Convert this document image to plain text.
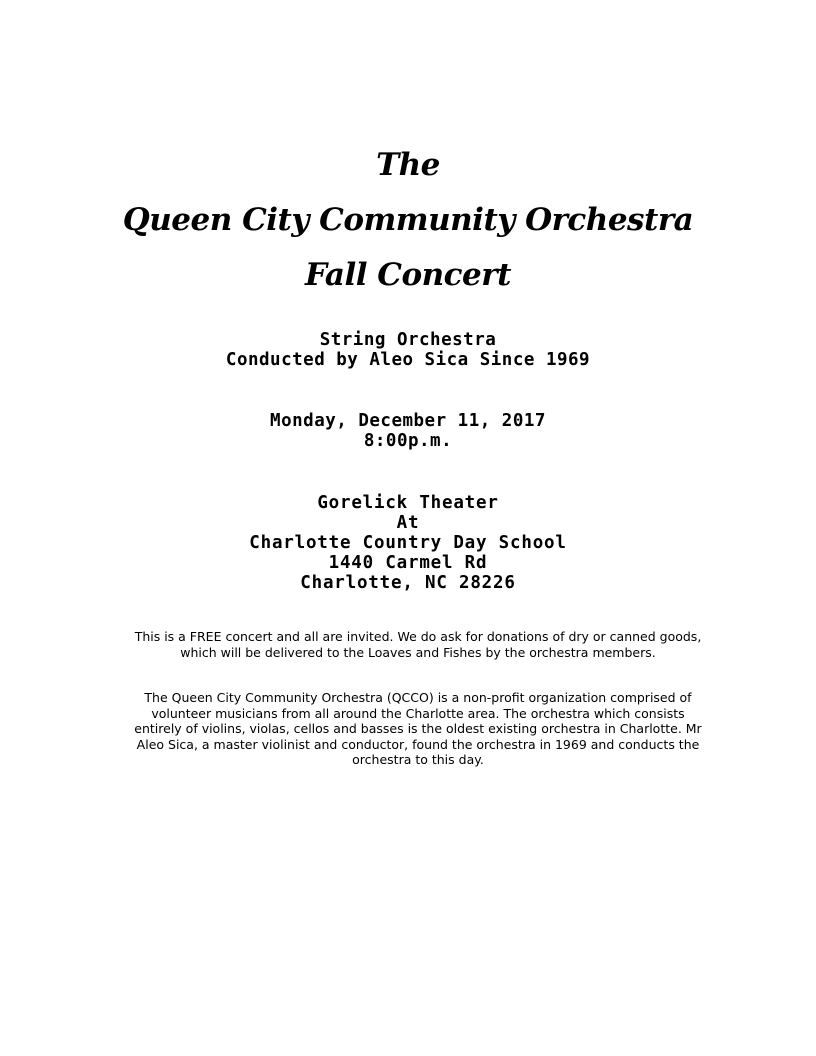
The
Queen City Community Orchestra
Fall Concert
String Orchestra
Conducted by Aleo Sica Since 1969
Monday, December 11, 2017
8:00p.m.
Gorelick Theater
At
Charlotte Country Day School
1440 Carmel Rd
Charlotte, NC 28226

This is a FREE concert and all are invited. We do ask for donations of dry or canned goods, which will be delivered to the Loaves and Fishes by the orchestra members.

The Queen City Community Orchestra (QCCO) is a non-profit organization comprised of volunteer musicians from all around the Charlotte area. The orchestra which consists entirely of violins, violas, cellos and basses is the oldest existing orchestra in Charlotte. Mr Aleo Sica, a master violinist and conductor, found the orchestra in 1969 and conducts the orchestra to this day.
